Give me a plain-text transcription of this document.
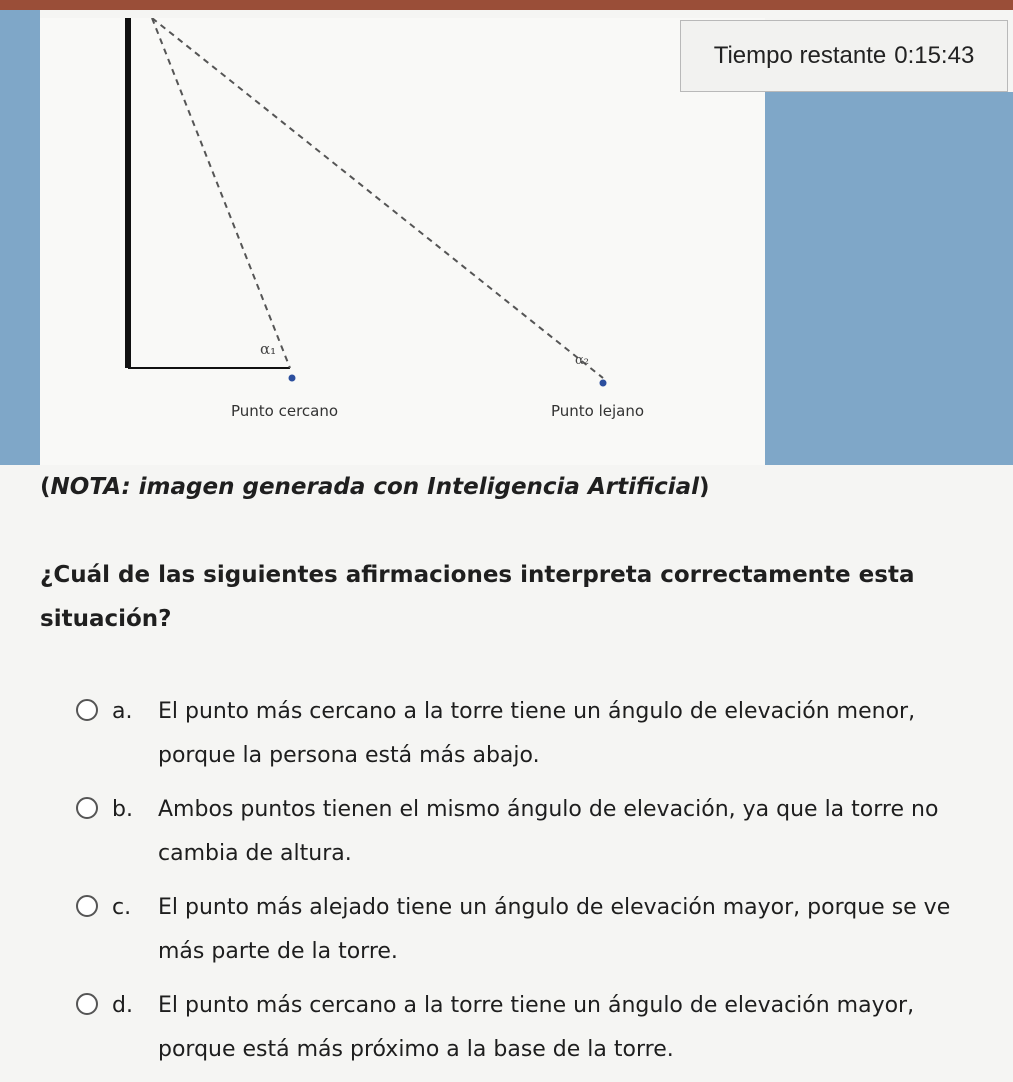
α₁
α₂
Punto cercano	Punto lejano
Tiempo restante 0:15:43
(NOTA: imagen generada con Inteligencia Artificial)
¿Cuál de las siguientes afirmaciones interpreta correctamente esta situación?
a.	El punto más cercano a la torre tiene un ángulo de elevación menor, porque la persona está más abajo.
b.	Ambos puntos tienen el mismo ángulo de elevación, ya que la torre no cambia de altura.
c.	El punto más alejado tiene un ángulo de elevación mayor, porque se ve más parte de la torre.
d.	El punto más cercano a la torre tiene un ángulo de elevación mayor, porque está más próximo a la base de la torre.
